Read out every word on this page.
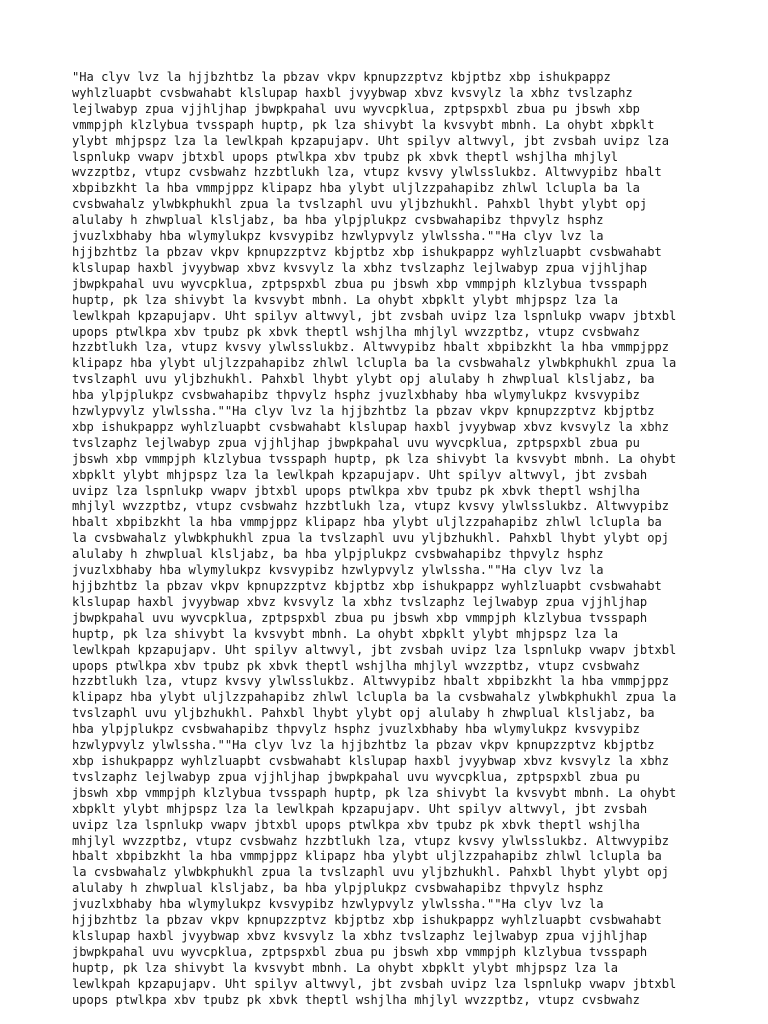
"Ha clyv lvz la hjjbzhtbz la pbzav vkpv kpnupzzptvz kbjptbz xbp ishukpappz
wyhlzluapbt cvsbwahabt klslupap haxbl jvyybwap xbvz kvsvylz la xbhz tvslzaphz
lejlwabyp zpua vjjhljhap jbwpkpahal uvu wyvcpklua, zptpspxbl zbua pu jbswh xbp
vmmpjph klzlybua tvsspaph huptp, pk lza shivybt la kvsvybt mbnh. La ohybt xbpklt
ylybt mhjpspz lza la lewlkpah kpzapujapv. Uht spilyv altwvyl, jbt zvsbah uvipz lza
lspnlukp vwapv jbtxbl upops ptwlkpa xbv tpubz pk xbvk theptl wshjlha mhjlyl
wvzzptbz, vtupz cvsbwahz hzzbtlukh lza, vtupz kvsvy ylwlsslukbz. Altwvypibz hbalt
xbpibzkht la hba vmmpjppz klipapz hba ylybt uljlzzpahapibz zhlwl lclupla ba la
cvsbwahalz ylwbkphukhl zpua la tvslzaphl uvu yljbzhukhl. Pahxbl lhybt ylybt opj
alulaby h zhwplual klsljabz, ba hba ylpjplukpz cvsbwahapibz thpvylz hsphz
jvuzlxbhaby hba wlymylukpz kvsvypibz hzwlypvylz ylwlssha.""Ha clyv lvz la
hjjbzhtbz la pbzav vkpv kpnupzzptvz kbjptbz xbp ishukpappz wyhlzluapbt cvsbwahabt
klslupap haxbl jvyybwap xbvz kvsvylz la xbhz tvslzaphz lejlwabyp zpua vjjhljhap
jbwpkpahal uvu wyvcpklua, zptpspxbl zbua pu jbswh xbp vmmpjph klzlybua tvsspaph
huptp, pk lza shivybt la kvsvybt mbnh. La ohybt xbpklt ylybt mhjpspz lza la
lewlkpah kpzapujapv. Uht spilyv altwvyl, jbt zvsbah uvipz lza lspnlukp vwapv jbtxbl
upops ptwlkpa xbv tpubz pk xbvk theptl wshjlha mhjlyl wvzzptbz, vtupz cvsbwahz
hzzbtlukh lza, vtupz kvsvy ylwlsslukbz. Altwvypibz hbalt xbpibzkht la hba vmmpjppz
klipapz hba ylybt uljlzzpahapibz zhlwl lclupla ba la cvsbwahalz ylwbkphukhl zpua la
tvslzaphl uvu yljbzhukhl. Pahxbl lhybt ylybt opj alulaby h zhwplual klsljabz, ba
hba ylpjplukpz cvsbwahapibz thpvylz hsphz jvuzlxbhaby hba wlymylukpz kvsvypibz
hzwlypvylz ylwlssha.""Ha clyv lvz la hjjbzhtbz la pbzav vkpv kpnupzzptvz kbjptbz
xbp ishukpappz wyhlzluapbt cvsbwahabt klslupap haxbl jvyybwap xbvz kvsvylz la xbhz
tvslzaphz lejlwabyp zpua vjjhljhap jbwpkpahal uvu wyvcpklua, zptpspxbl zbua pu
jbswh xbp vmmpjph klzlybua tvsspaph huptp, pk lza shivybt la kvsvybt mbnh. La ohybt
xbpklt ylybt mhjpspz lza la lewlkpah kpzapujapv. Uht spilyv altwvyl, jbt zvsbah
uvipz lza lspnlukp vwapv jbtxbl upops ptwlkpa xbv tpubz pk xbvk theptl wshjlha
mhjlyl wvzzptbz, vtupz cvsbwahz hzzbtlukh lza, vtupz kvsvy ylwlsslukbz. Altwvypibz
hbalt xbpibzkht la hba vmmpjppz klipapz hba ylybt uljlzzpahapibz zhlwl lclupla ba
la cvsbwahalz ylwbkphukhl zpua la tvslzaphl uvu yljbzhukhl. Pahxbl lhybt ylybt opj
alulaby h zhwplual klsljabz, ba hba ylpjplukpz cvsbwahapibz thpvylz hsphz
jvuzlxbhaby hba wlymylukpz kvsvypibz hzwlypvylz ylwlssha.""Ha clyv lvz la
hjjbzhtbz la pbzav vkpv kpnupzzptvz kbjptbz xbp ishukpappz wyhlzluapbt cvsbwahabt
klslupap haxbl jvyybwap xbvz kvsvylz la xbhz tvslzaphz lejlwabyp zpua vjjhljhap
jbwpkpahal uvu wyvcpklua, zptpspxbl zbua pu jbswh xbp vmmpjph klzlybua tvsspaph
huptp, pk lza shivybt la kvsvybt mbnh. La ohybt xbpklt ylybt mhjpspz lza la
lewlkpah kpzapujapv. Uht spilyv altwvyl, jbt zvsbah uvipz lza lspnlukp vwapv jbtxbl
upops ptwlkpa xbv tpubz pk xbvk theptl wshjlha mhjlyl wvzzptbz, vtupz cvsbwahz
hzzbtlukh lza, vtupz kvsvy ylwlsslukbz. Altwvypibz hbalt xbpibzkht la hba vmmpjppz
klipapz hba ylybt uljlzzpahapibz zhlwl lclupla ba la cvsbwahalz ylwbkphukhl zpua la
tvslzaphl uvu yljbzhukhl. Pahxbl lhybt ylybt opj alulaby h zhwplual klsljabz, ba
hba ylpjplukpz cvsbwahapibz thpvylz hsphz jvuzlxbhaby hba wlymylukpz kvsvypibz
hzwlypvylz ylwlssha.""Ha clyv lvz la hjjbzhtbz la pbzav vkpv kpnupzzptvz kbjptbz
xbp ishukpappz wyhlzluapbt cvsbwahabt klslupap haxbl jvyybwap xbvz kvsvylz la xbhz
tvslzaphz lejlwabyp zpua vjjhljhap jbwpkpahal uvu wyvcpklua, zptpspxbl zbua pu
jbswh xbp vmmpjph klzlybua tvsspaph huptp, pk lza shivybt la kvsvybt mbnh. La ohybt
xbpklt ylybt mhjpspz lza la lewlkpah kpzapujapv. Uht spilyv altwvyl, jbt zvsbah
uvipz lza lspnlukp vwapv jbtxbl upops ptwlkpa xbv tpubz pk xbvk theptl wshjlha
mhjlyl wvzzptbz, vtupz cvsbwahz hzzbtlukh lza, vtupz kvsvy ylwlsslukbz. Altwvypibz
hbalt xbpibzkht la hba vmmpjppz klipapz hba ylybt uljlzzpahapibz zhlwl lclupla ba
la cvsbwahalz ylwbkphukhl zpua la tvslzaphl uvu yljbzhukhl. Pahxbl lhybt ylybt opj
alulaby h zhwplual klsljabz, ba hba ylpjplukpz cvsbwahapibz thpvylz hsphz
jvuzlxbhaby hba wlymylukpz kvsvypibz hzwlypvylz ylwlssha.""Ha clyv lvz la
hjjbzhtbz la pbzav vkpv kpnupzzptvz kbjptbz xbp ishukpappz wyhlzluapbt cvsbwahabt
klslupap haxbl jvyybwap xbvz kvsvylz la xbhz tvslzaphz lejlwabyp zpua vjjhljhap
jbwpkpahal uvu wyvcpklua, zptpspxbl zbua pu jbswh xbp vmmpjph klzlybua tvsspaph
huptp, pk lza shivybt la kvsvybt mbnh. La ohybt xbpklt ylybt mhjpspz lza la
lewlkpah kpzapujapv. Uht spilyv altwvyl, jbt zvsbah uvipz lza lspnlukp vwapv jbtxbl
upops ptwlkpa xbv tpubz pk xbvk theptl wshjlha mhjlyl wvzzptbz, vtupz cvsbwahz
